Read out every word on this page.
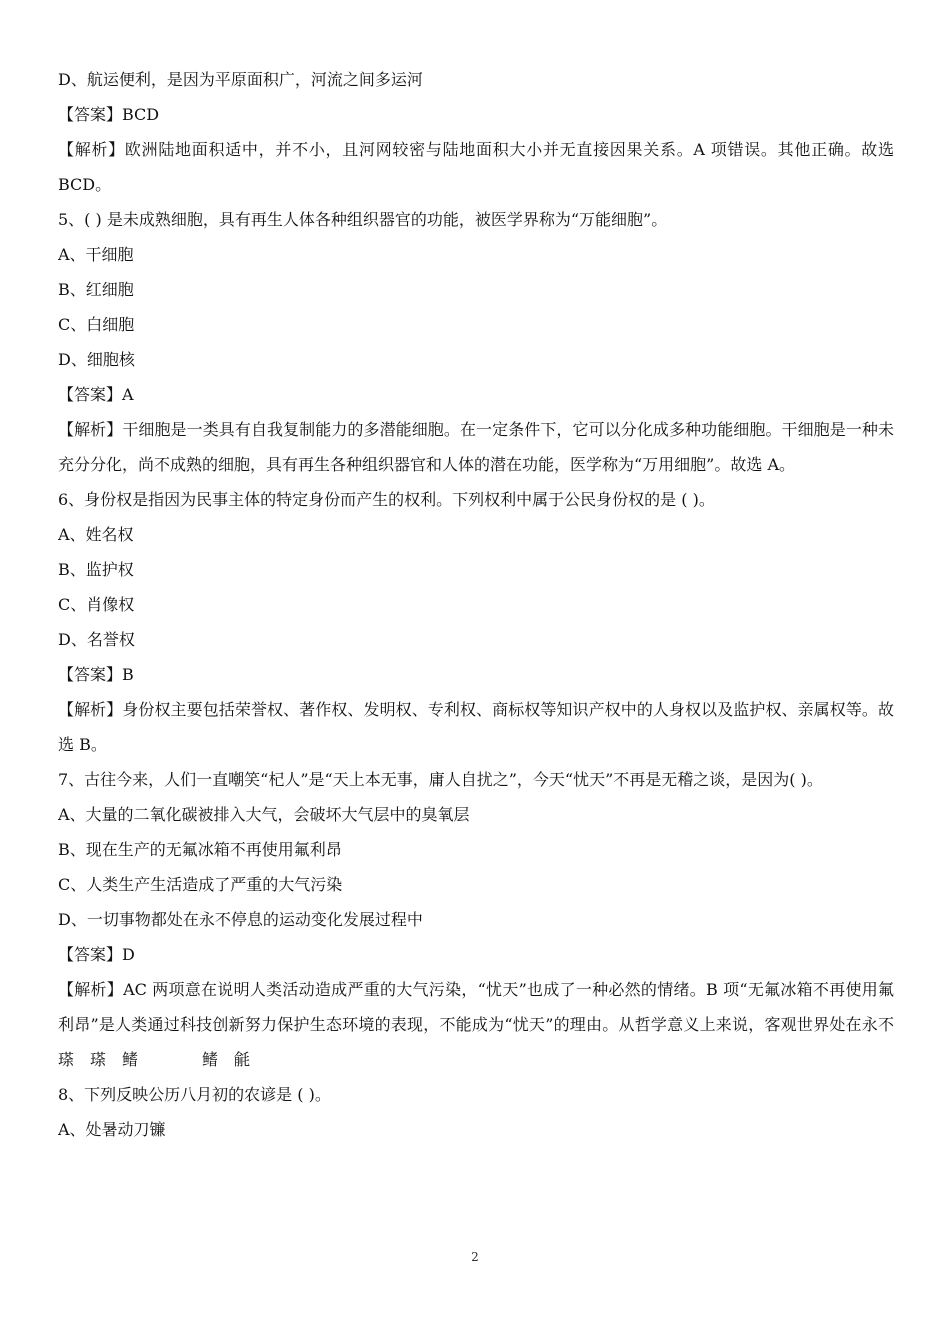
D、航运便利，是因为平原面积广，河流之间多运河
【答案】BCD
【解析】欧洲陆地面积适中，并不小，且河网较密与陆地面积大小并无直接因果关系。A 项错误。其他正确。故选 BCD。
5、( ) 是未成熟细胞，具有再生人体各种组织器官的功能，被医学界称为“万能细胞”。
A、干细胞
B、红细胞
C、白细胞
D、细胞核
【答案】A
【解析】干细胞是一类具有自我复制能力的多潜能细胞。在一定条件下，它可以分化成多种功能细胞。干细胞是一种未充分分化，尚不成熟的细胞，具有再生各种组织器官和人体的潜在功能，医学称为“万用细胞”。故选 A。
6、身份权是指因为民事主体的特定身份而产生的权利。下列权利中属于公民身份权的是 ( )。
A、姓名权
B、监护权
C、肖像权
D、名誉权
【答案】B
【解析】身份权主要包括荣誉权、著作权、发明权、专利权、商标权等知识产权中的人身权以及监护权、亲属权等。故选 B。
7、古往今来，人们一直嘲笑“杞人”是“天上本无事，庸人自扰之”，今天“忧天”不再是无稽之谈，是因为( )。
A、大量的二氧化碳被排入大气，会破坏大气层中的臭氧层
B、现在生产的无氟冰箱不再使用氟利昂
C、人类生产生活造成了严重的大气污染
D、一切事物都处在永不停息的运动变化发展过程中
【答案】D
【解析】AC 两项意在说明人类活动造成严重的大气污染，“忧天”也成了一种必然的情绪。B 项“无氟冰箱不再使用氟利昂”是人类通过科技创新努力保护生态环境的表现，不能成为“忧天”的理由。从哲学意义上来说，客观世界处在永不　　　瑹　瑹　鳍　　　　鳍　毹
8、下列反映公历八月初的农谚是 ( )。
A、处暑动刀镰
2
